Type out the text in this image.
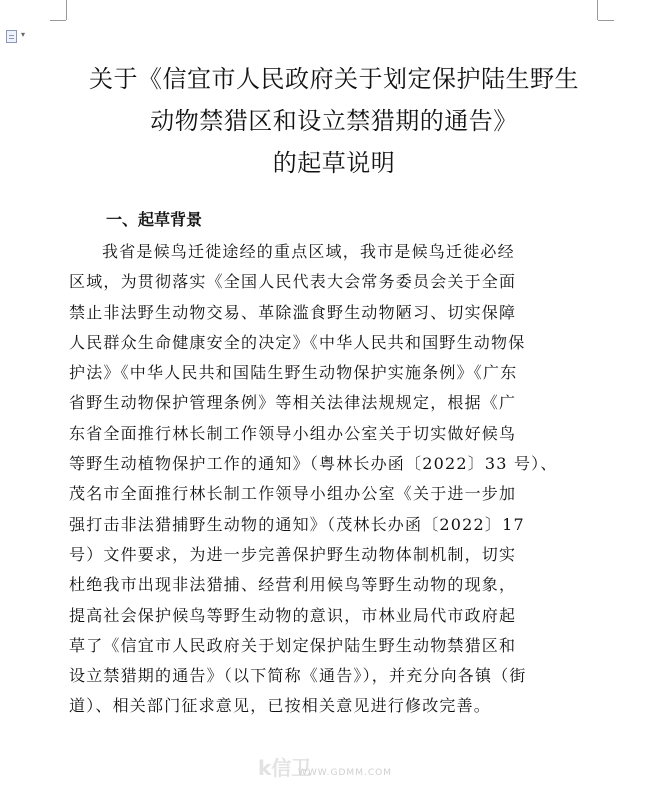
▾
关于《信宜市人民政府关于划定保护陆生野生
动物禁猎区和设立禁猎期的通告》
的起草说明
一、起草背景
我省是候鸟迁徙途经的重点区域，我市是候鸟迁徙必经
区域，为贯彻落实《全国人民代表大会常务委员会关于全面
禁止非法野生动物交易、革除滥食野生动物陋习、切实保障
人民群众生命健康安全的决定》《中华人民共和国野生动物保
护法》《中华人民共和国陆生野生动物保护实施条例》《广东
省野生动物保护管理条例》等相关法律法规规定，根据《广
东省全面推行林长制工作领导小组办公室关于切实做好候鸟
等野生动植物保护工作的通知》（粤林长办函〔2022〕33 号）、
茂名市全面推行林长制工作领导小组办公室《关于进一步加
强打击非法猎捕野生动物的通知》（茂林长办函〔2022〕17
号）文件要求，为进一步完善保护野生动物体制机制，切实
杜绝我市出现非法猎捕、经营利用候鸟等野生动物的现象，
提高社会保护候鸟等野生动物的意识，市林业局代市政府起
草了《信宜市人民政府关于划定保护陆生野生动物禁猎区和
设立禁猎期的通告》（以下简称《通告》），并充分向各镇（街
道）、相关部门征求意见，已按相关意见进行修改完善。
k信卫
WWW.GDMM.COM
